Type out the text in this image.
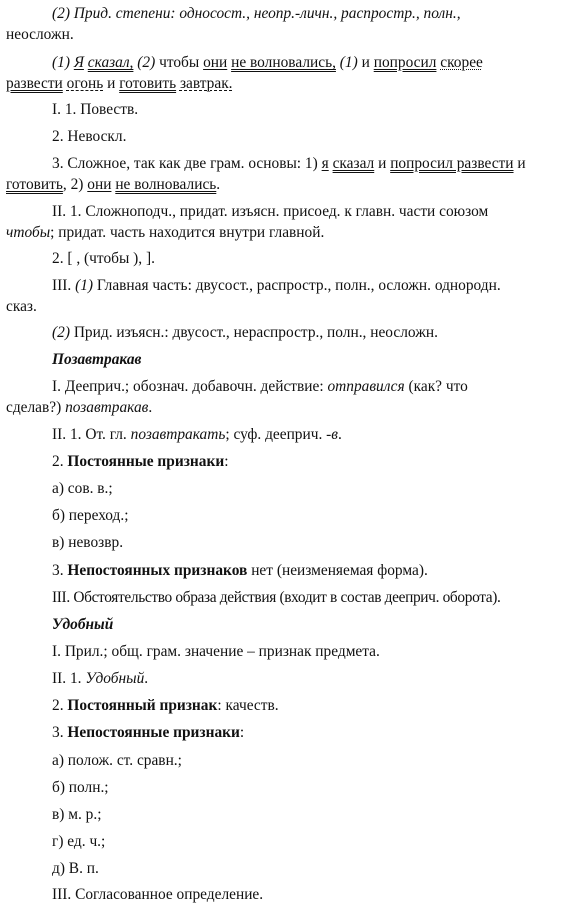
(2) Прид. степени: односост., неопр.-личн., распростр., полн.,
неосложн.
(1) Я сказал, (2) чтобы они не волновались, (1) и попросил скорее
развести огонь и готовить завтрак.
I. 1. Повеств.
2. Невоскл.
3. Сложное, так как две грам. основы: 1) я сказал и попросил развести и
готовить, 2) они не волновались.
II. 1. Сложноподч., придат. изъясн. присоед. к главн. части союзом
чтобы; придат. часть находится внутри главной.
2. [ , (чтобы ), ].
III. (1) Главная часть: двусост., распростр., полн., осложн. однородн.
сказ.
(2) Прид. изъясн.: двусост., нераспростр., полн., неосложн.
Позавтракав
I. Дееприч.; обознач. добавочн. действие: отправился (как? что
сделав?) позавтракав.
II. 1. От. гл. позавтракать; суф. дееприч. -в.
2. Постоянные признаки:
а) сов. в.;
б) переход.;
в) невозвр.
3. Непостоянных признаков нет (неизменяемая форма).
III. Обстоятельство образа действия (входит в состав дееприч. оборота).
Удобный
I. Прил.; общ. грам. значение – признак предмета.
II. 1. Удобный.
2. Постоянный признак: качеств.
3. Непостоянные признаки:
а) полож. ст. сравн.;
б) полн.;
в) м. р.;
г) ед. ч.;
д) В. п.
III. Согласованное определение.
